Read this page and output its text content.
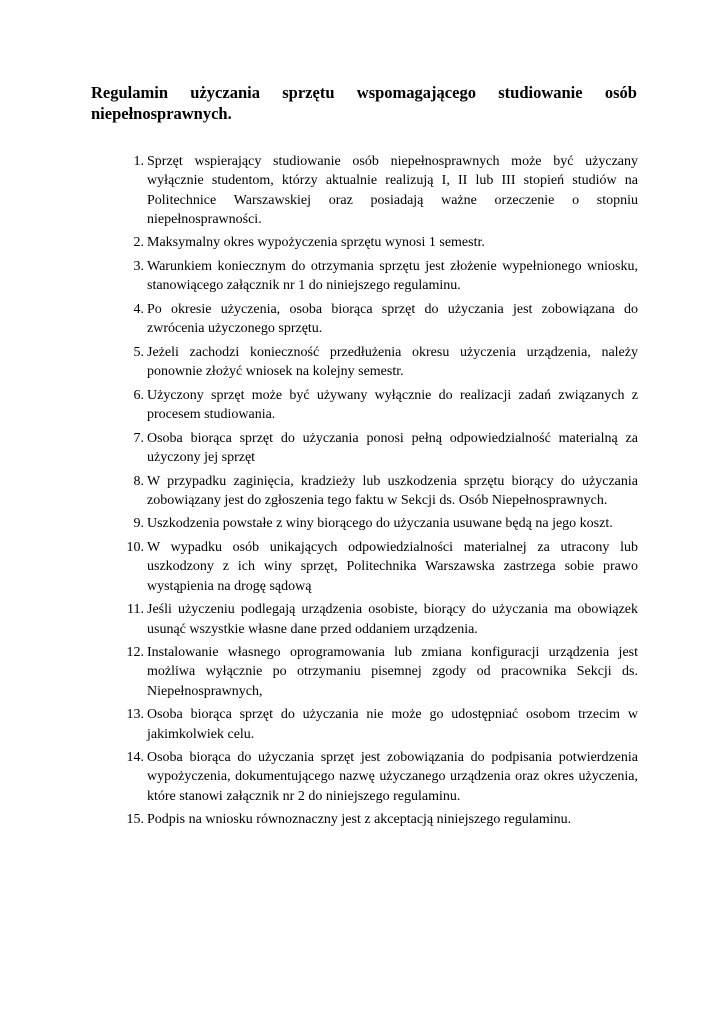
Regulamin użyczania sprzętu wspomagającego studiowanie osób niepełnosprawnych.
1. Sprzęt wspierający studiowanie osób niepełnosprawnych może być użyczany wyłącznie studentom, którzy aktualnie realizują I, II lub III stopień studiów na Politechnice Warszawskiej oraz posiadają ważne orzeczenie o stopniu niepełnosprawności.
2. Maksymalny okres wypożyczenia sprzętu wynosi 1 semestr.
3. Warunkiem koniecznym do otrzymania sprzętu jest złożenie wypełnionego wniosku, stanowiącego załącznik nr 1 do niniejszego regulaminu.
4. Po okresie użyczenia, osoba biorąca sprzęt do użyczania jest zobowiązana do zwrócenia użyczonego sprzętu.
5. Jeżeli zachodzi konieczność przedłużenia okresu użyczenia urządzenia, należy ponownie złożyć wniosek na kolejny semestr.
6. Użyczony sprzęt może być używany wyłącznie do realizacji zadań związanych z procesem studiowania.
7. Osoba biorąca sprzęt do użyczania ponosi pełną odpowiedzialność materialną za użyczony jej sprzęt
8. W przypadku zaginięcia, kradzieży lub uszkodzenia sprzętu biorący do użyczania zobowiązany jest do zgłoszenia tego faktu w Sekcji ds. Osób Niepełnosprawnych.
9. Uszkodzenia powstałe z winy biorącego do użyczania usuwane będą na jego koszt.
10. W wypadku osób unikających odpowiedzialności materialnej za utracony lub uszkodzony z ich winy sprzęt, Politechnika Warszawska zastrzega sobie prawo wystąpienia na drogę sądową
11. Jeśli użyczeniu podlegają urządzenia osobiste, biorący do użyczania ma obowiązek usunąć wszystkie własne dane przed oddaniem urządzenia.
12. Instalowanie własnego oprogramowania lub zmiana konfiguracji urządzenia jest możliwa wyłącznie po otrzymaniu pisemnej zgody od pracownika Sekcji ds. Niepełnosprawnych,
13. Osoba biorąca sprzęt do użyczania nie może go udostępniać osobom trzecim w jakimkolwiek celu.
14. Osoba biorąca do użyczania sprzęt jest zobowiązania do podpisania potwierdzenia wypożyczenia, dokumentującego nazwę użyczanego urządzenia oraz okres użyczenia, które stanowi załącznik nr 2 do niniejszego regulaminu.
15. Podpis na wniosku równoznaczny jest z akceptacją niniejszego regulaminu.
